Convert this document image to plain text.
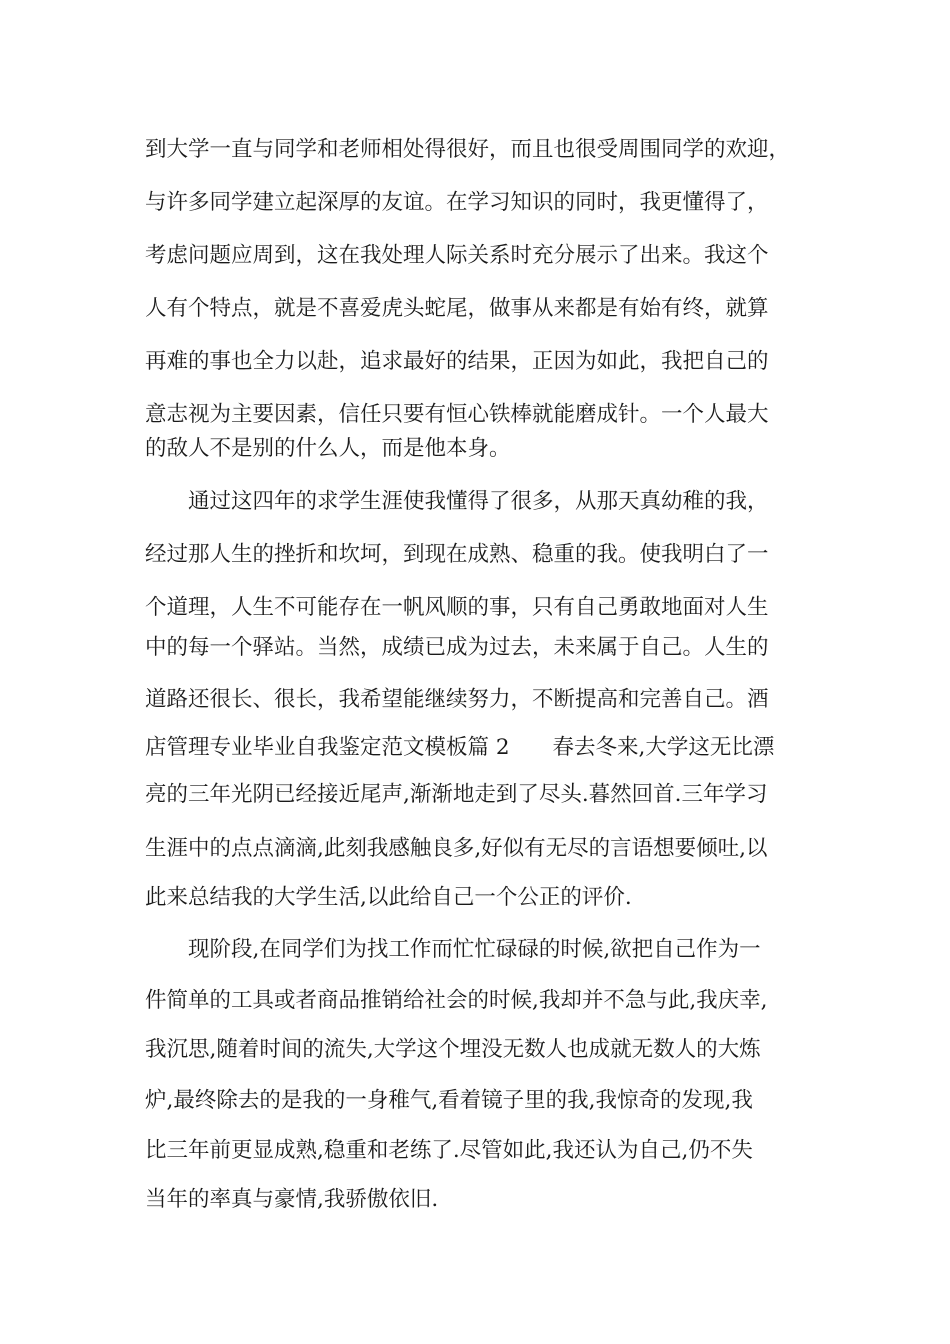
到大学一直与同学和老师相处得很好，而且也很受周围同学的欢迎，
与许多同学建立起深厚的友谊。在学习知识的同时，我更懂得了，
考虑问题应周到，这在我处理人际关系时充分展示了出来。我这个
人有个特点，就是不喜爱虎头蛇尾，做事从来都是有始有终，就算
再难的事也全力以赴，追求最好的结果，正因为如此，我把自己的
意志视为主要因素，信任只要有恒心铁棒就能磨成针。一个人最大
的敌人不是别的什么人，而是他本身。
通过这四年的求学生涯使我懂得了很多，从那天真幼稚的我，
经过那人生的挫折和坎坷，到现在成熟、稳重的我。使我明白了一
个道理，人生不可能存在一帆风顺的事，只有自己勇敢地面对人生
中的每一个驿站。当然，成绩已成为过去，未来属于自己。人生的
道路还很长、很长，我希望能继续努力，不断提高和完善自己。酒
店管理专业毕业自我鉴定范文模板篇 2　　春去冬来,大学这无比漂
亮的三年光阴已经接近尾声,渐渐地走到了尽头.暮然回首.三年学习
生涯中的点点滴滴,此刻我感触良多,好似有无尽的言语想要倾吐,以
此来总结我的大学生活,以此给自己一个公正的评价.
现阶段,在同学们为找工作而忙忙碌碌的时候,欲把自己作为一
件简单的工具或者商品推销给社会的时候,我却并不急与此,我庆幸,
我沉思,随着时间的流失,大学这个埋没无数人也成就无数人的大炼
炉,最终除去的是我的一身稚气,看着镜子里的我,我惊奇的发现,我
比三年前更显成熟,稳重和老练了.尽管如此,我还认为自己,仍不失
当年的率真与豪情,我骄傲依旧.
